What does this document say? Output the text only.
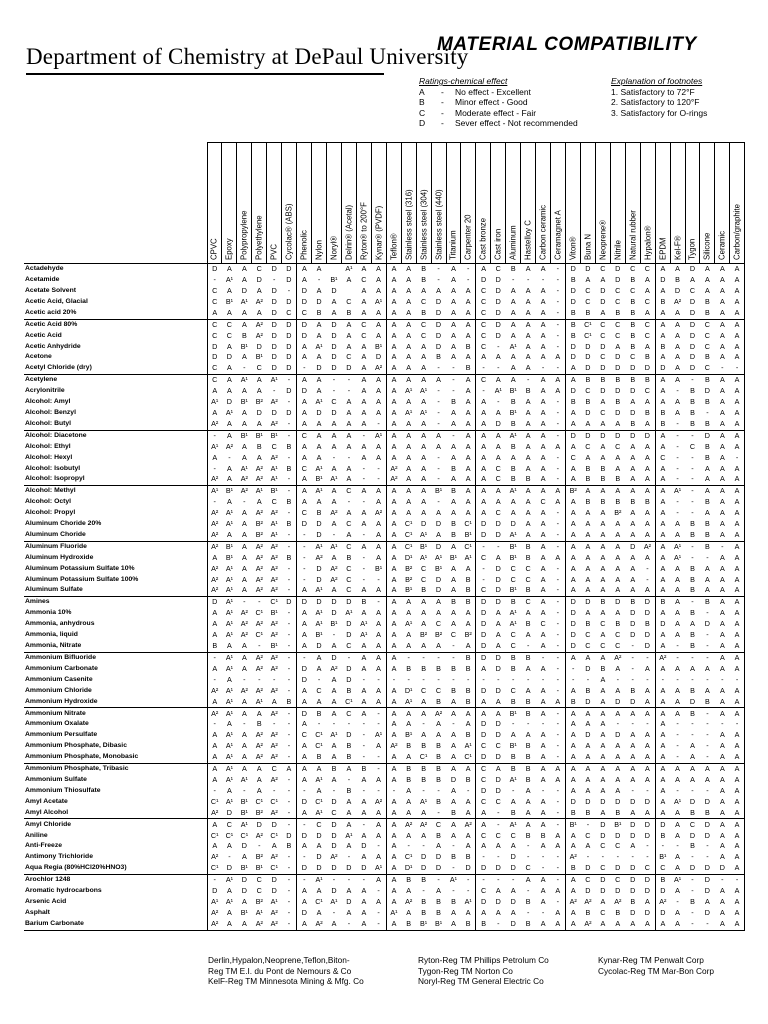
Department of Chemistry at DePaul University
MATERIAL COMPATIBILITY
Ratings-chemical effect
A	-	No effect - Excellent
B	-	Minor effect - Good
C	-	Moderate effect - Fair
D	-	Sever effect - Not recommended
Explanation of footnotes
1. Satisfactory to 72°F
2. Satisfactory to 120°F
3. Satisfactory for O-rings

	CPVC	Epoxy	Polypropylene	Polyethylene	PVC	Cycolac® (ABS)	Phenolic	Nylon	Noryl®	Delrin® (Acetal)	Ryton® to 200°F	Kynar® (PVDF)	Teflon®	Stainless steel (316)	Stainless steel (304)	Stainless steel (440)	Titanium	Carpenter 20	Cast bronze	Cast iron	Aluminum	Hastelloy C	Carbon ceramic	Ceramagnet A	Viton®	Buna N	Neoprene®	Nitrile	Natural rubber	Hypalon®	EPDM	Kel-F®	Tygon	Silicone	Ceramic	Carbon/graphite

Actadehyde	D	A	A	C	D	D	A	A		A¹	A	A	A	A	B	-	A	-	A	C	B	A	A	-	D	D	C	D	C	C	A	A	D	A	A	A
Acetamide	-	A¹	A	D	-	D	A	-	B¹	A	C	A	A	A	B	-	A	-	D	D	-	-	-	-	B	A	A	D	B	A	D	B	A	A	A	A
Acetate Solvent	C	A	D	A	D	-	D	A	D		A	A	A	A	A	A	A	A	C	D	A	A	A	-	D	C	D	C	C	A	A	D	C	A	A	A
Acetic Acid, Glacial	C	B¹	A¹	A²	D	D	D	D	A	C	A	A¹	A	A	C	D	A	A	C	D	A	A	A	-	D	C	D	C	B	C	B	A²	D	B	A	A
Acetic acid 20%	A	A	A	A	D	C	C	B	A	B	A	A	A	A	B	D	A	A	C	D	A	A	A	-	B	B	A	B	B	A	A	A	D	B	A	A
Acetic Acid 80%	C	C	A	A²	D	D	D	A	D	A	C	A	A	A	C	D	A	A	C	D	A	A	A	-	B	C¹	C	C	B	C	A	A	D	C	A	A
Acetic Acid	C	C	B	A²	D	D	D	A	D	A	C	A	A	A	C	D	A	A	C	D	A	A	A	-	B	C¹	C	C	B	C	A	A	D	C	A	A
Acetic Anhydride	D	A	B¹	D	D	D	A	A¹	D	A	A	B¹	A	A	A	D	A	B	C	-	A¹	A	A	-	D	D	D	A	B	A	B	A	D	C	A	A
Acetone	D	D	A	B¹	D	D	A	A	D	C	A	D	A	A	A	B	A	A	A	A	A	A	A	A	D	D	C	D	C	B	A	A	D	B	A	A
Acetyl Chloride (dry)	C	A	-	C	D	D	-	D	D	D	A	A²	A	A	A	-	-	B	-	-	A	A	-	-	A	D	D	D	D	D	D	A	D	C	-	-
Acetylene	C	A	A¹	A	A¹	-	A	A	-	-	A	A	A	A	A	A	-	A	C	A	A	-	A	A	A	B	B	B	B	B	A	A	-	B	A	A
Acrylonitrile	A	A	A	A	-	D	D	A	-	-	A	A	A	A¹	A¹	-	-	A	-	A¹	B¹	B	A	A	D	C	D	D	D	C	A	-	B	D	A	A
Alcohol: Amyl	A¹	D	B¹	B²	A²	-	A	A¹	C	A	A	A	A	A	A	-	B	A	A	-	B	A	A	-	B	B	A	B	A	A	A	A	B	B	A	A
Alcohol: Benzyl	A	A¹	A	D	D	D	A	D	D	A	A	A	A	A¹	A¹	-	A	A	A	A	B¹	A	A	-	A	D	C	D	D	B	B	A	B	-	A	A
Alcohol: Butyl	A²	A	A	A	A²	-	A	A	A	A	A	-	A	A	A	-	A	A	A	D	B	A	A	-	A	A	A	A	B	A	B	-	B	B	A	A
Alcohol: Diacetone	-	A	B¹	B¹	B¹	-	C	A	A	A	-	A¹	A	A	A	A	-	A	A	A	A¹	A	A	-	D	D	D	D	D	D	A	-	-	D	A	A
Alcohol: Ethyl	A¹	A²	A	B	C	B	A	A	A	A	A	A	A	A	A	A	A	A	A	A	B	A	A	A	A	C	A	C	A	A	A	-	C	B	A	A
Alcohol: Hexyl	A	-	A	A	A²	-	A	A	-	-	A	A	A	A	A	-	A	A	A	A	A	A	A	-	C	A	A	A	A	A	C	-	-	B	A	-
Alcohol: Isobutyl	-	A	A¹	A²	A¹	B	C	A¹	A	A	-	-	A²	A	A	-	B	A	A	C	B	A	A	-	A	B	B	A	A	A	A	-	-	A	A	A
Alcohol: Isopropyl	A²	A	A²	A²	A¹	-	A	B¹	A¹	A	-	-	A²	A	A	-	A	A	A	C	B	B	A	-	A	B	B	B	A	A	A	-	-	A	A	A
Alcohol: Methyl	A¹	B¹	A²	A¹	B¹	-	A	A¹	A	C	A	A	A	A	A	B¹	B	A	A	A	A¹	A	A	A	B²	A	A	A	A	A	A	A¹	-	A	A	A
Alcohol: Octyl	-	A	-	A	C	B	A	A	A	-	-	A	A	A	A	-	A	A	A	A	A	A	C	A	A	B	B	B	B	B	A	-	-	B	A	A
Alcohol: Propyl	A²	A¹	A	A²	A²	-	C	B	A²	A	A	A²	A	A	A	A	A	A	A	C	A	A	A	-	A	A	A	B²	A	A	A	-	-	A	A	A
Aluminum Choride 20%	A²	A¹	A	B²	A¹	B	D	D	A	C	A	A	A	C¹	D	D	B	C¹	D	D	D	A	A	-	A	A	A	A	A	A	A	A	B	B	A	A
Aluminum Choride	A²	A	A	B²	A¹	-	-	D	-	A	-	A	A	C¹	A¹	A	B	B¹	D	D	A¹	A	A	-	A	A	A	A	A	A	A	A	B	B	A	A
Aluminum Fluoride	A²	B¹	A	A²	A²	-	-	A¹	A¹	C	A	A	A	C¹	B¹	D	A	C¹	-	-	B¹	B	A	-	A	A	A	A	D	A²	A	A¹	-	B	-	A
Aluminum Hydroxide	A	B¹	A	A²	A²	B	-	A²	A	B	-	A	A	D¹	A¹	A¹	B¹	A¹	C	A	B¹	B	A	A	A	A	A	A	A	A	A	A¹	-	-	A	A
Aluminum Potassium Sulfate 10%	A²	A¹	A	A²	A²	-	-	D	A²	C	-	B¹	A	B²	C	B¹	A	A	-	D	C	C	A	-	A	A	A	A	A	-	A	A	B	A	A	A
Aluminum Potassium Sulfate 100%	A²	A¹	A	A²	A²	-	-	D	A²	C	-	-	A	B²	C	D	A	B	-	D	C	C	A	-	A	A	A	A	A	-	A	A	B	A	A	A
Aluminum Sulfate	A²	A¹	A	A²	A²	-	A	A¹	A	C	A	A	A	B¹	B	D	A	B	C	D	B¹	B	A	-	A	A	A	A	A	A	A	A	B	A	A	A
Amines	D	A¹	-	-	C¹	D	D	D	D	D	B	-	A	A	A	A	B	B	D	D	B	C	A	-	D	D	B	D	B	D	B	A	-	B	A	A
Ammonia 10%	A	A¹	A²	C¹	B¹	-	A	A¹	D	A¹	A	A	A	A	A	A	A	A	D	A	A¹	A	A	-	D	A	A	A	D	D	A	A	B	-	A	A
Ammonia, anhydrous	A	A¹	A²	A²	A²	-	A	A¹	B¹	D	A¹	A	A	A¹	A	C	A	A	D	A	A¹	B	C	-	D	B	C	B	D	B	D	A	A	D	A	A
Ammonia, liquid	A	A¹	A²	C¹	A²	-	A	B¹	-	D	A¹	A	A	A	B²	B²	C	B²	D	A	C	A	A	-	D	C	A	C	D	D	A	A	B	-	A	A
Ammonia, Nitrate	B	A	A	-	B¹	-	A	D	A	C	A	A	A	A	A	A	-	A	D	A	C	-	A	-	D	C	C	C	-	D	A	-	B	-	A	A
Ammonium Bifluoride	-	A¹	A	A²	A²	-	-	A	D	-	A	A	A	-	-	-	-	B	D	D	B	B	-	-	A	A	A	A²	-	-	A²	-	-	-	A	A
Ammonium Carbonate	A	A¹	A	A²	A²	-	D	A	A²	D	A	A	A	B	B	B	B	B	A	D	B	A	A	-	-	D	B	A	-	A	A	A	A	A	A	A
Ammonium Casenite	-	A	-	-	-	-	D	-	A	D	-	-	-	-	-	-	-	-	-	-	-	-	-	-	-	-	A	-	-	-	-	-	-	-	-	-
Ammonium Chloride	A²	A¹	A²	A²	A²	-	A	C	A	B	A	A	A	D¹	C	C	B	B	D	D	C	A	A	-	A	B	A	A	B	A	A	A	B	A	A	A
Ammonium Hydroxide	A	A¹	A	A¹	A	B	A	A	A	C¹	A	A	A	A¹	A	B	A	B	A	A	B	B	A	A	B	D	A	D	D	A	A	A	D	B	A	A
Ammonium Nitrate	A²	A¹	A	A	A²	-	D	B	A	C	A	-	A	A	A	A²	A	A	A	A	B¹	B	A	-	A	A	A	A	A	A	A	A	B	-	A	A
Ammonium Oxalate	-	A	-	B	-	-	A	-	-	-	-	-	A	A	-	A	-	A	D	D	-	-	-	-	A	A	A	-	-	-	A	-	-	-	-	-
Ammonium Persulfate	A	A¹	A	A²	A²	-	C	C¹	A¹	D	-	A¹	A	B¹	A	A	A	B	D	D	A	A	A	-	A	D	A	D	A	A	A	-	-	-	A	A
Ammonium Phosphate, Dibasic	A	A¹	A	A²	A²	-	A	C¹	A	B	-	A	A²	B	B	B	A	A¹	C	C	B¹	B	A	-	A	A	A	A	A	A	A	-	A	-	A	A
Ammonium Phosphate, Monobasic	A	A¹	A	A²	A²	-	A	B	A	B	-	-	A	A	C¹	B	A	C¹	D	D	B	B	A	-	A	A	A	A	A	A	A	-	A	-	A	A
Ammonium Phosphate, Tribasic	A	A¹	A	A	C	A	A	A	B	A	B	-	A	B	B	B	A	A	C	A	B	B	A	A	A	A	A	A	A	A	A	A	A	A	A	A
Ammonium Sulfate	A	A¹	A¹	A	A²	-	A	A¹	A	-	A	A	A	B	B	B	D	B	C	D	A¹	B	A	A	A	A	A	A	A	A	A	A	A	A	A	A
Ammonium Thiosulfate	-	A	-	A	-	-	-	A	-	B	-	-	-	A	-	-	A	-	D	D	-	A	-	-	A	A	A	A	-	-	A	-	-	-	A	A
Amyl Acetate	C¹	A¹	B¹	C¹	C¹	-	D	C¹	D	A	A	A²	A	A	A¹	B	A	A	C	C	A	A	A	-	D	D	D	D	D	D	A	A¹	D	D	A	A
Amyl Alcohol	A²	D	B¹	B²	A²	-	A	A¹	C	A	A	A	A	A	A	-	B	A	A	-	B	A	A	-	B	B	A	B	A	A	A	A	B	B	A	A
Amyl Chloride	A	C	A¹	D	D	-	-	C	D	A	-	A	A	A²	A²	C	A	A²	A	-	A¹	A	A	-	B¹	-	D	B¹	D	D	D	A	C	D	A	A
Aniline	C¹	C¹	C¹	A²	C¹	D	D	D	D	A¹	A	A	A	A	A	B	A	A	C	C	C	B	B	A	A	C	D	D	D	D	B	A	D	D	A	A
Anti-Freeze	A	A	D	-	A	B	A	A	D	A	D	-	A	-	-	A	-	A	A	A	A	-	A	A	A	A	C	C	A	-	-	-	B	-	A	A
Antimony Trichloride	A²	-	A	B²	A²	-	-	D	A²	-	A	A	A	C¹	D	D	B	B	-	-	D	-	-	-	A²	-	-	-	-	-	B¹	A	-	-	A	A
Aqua Regia (80%HCl20%HNO3)	C¹	D	B¹	B¹	C¹	-	D	D	D	D	D	A¹	A	D¹	D	D	-	D	D	D	D	C	-	-	B	D	C	D	D	C	C	A	D	D	D	A
Arochlor 1248	-	A¹	D	C	D	-	-	A¹	-	-	-	A	A	B	B	-	A¹	-	-	-	-	A	A	-	A	C	D	C	D	D	B	A¹	-	D	-	-
Aromatic hydrocarbons	D	A	D	C	D	-	A	A	D	A	A	-	A	A	-	A	-	-	C	A	A	-	A	A	A	D	D	D	D	D	D	A	-	D	A	A
Arsenic Acid	A¹	A¹	A	B²	A¹	-	A	C¹	A¹	D	A	A	A	A²	B	B	B	A¹	D	D	D	B	A	-	A²	A²	A	A²	B	A	A²	-	B	A	A	A
Asphalt	A²	A	B¹	A¹	A²	-	D	A	-	A	A	-	A¹	A	B	B	A	A	A	A	A	-	-	A	A	B	C	B	D	D	D	A	-	D	A	A
Barium Carbonate	A²	A	A	A²	A²	-	A	A²	A	-	A	-	A	B	B¹	B¹	A	B	B	-	D	B	A	A	A	A²	A	A	A	A	A	A	-	-	A	A
Derlin,Hypalon,Neoprene,Teflon,Biton-
Reg TM E.I. du Pont de Nemours & Co
KelF-Reg TM Minnesota Mining & Mfg. Co
Ryton-Reg TM Phillips Petrolum Co
Tygon-Reg TM Norton Co
Noryl-Reg TM General Electric Co
Kynar-Reg TM Penwalt Corp
Cycolac-Reg TM Mar-Bon Corp
